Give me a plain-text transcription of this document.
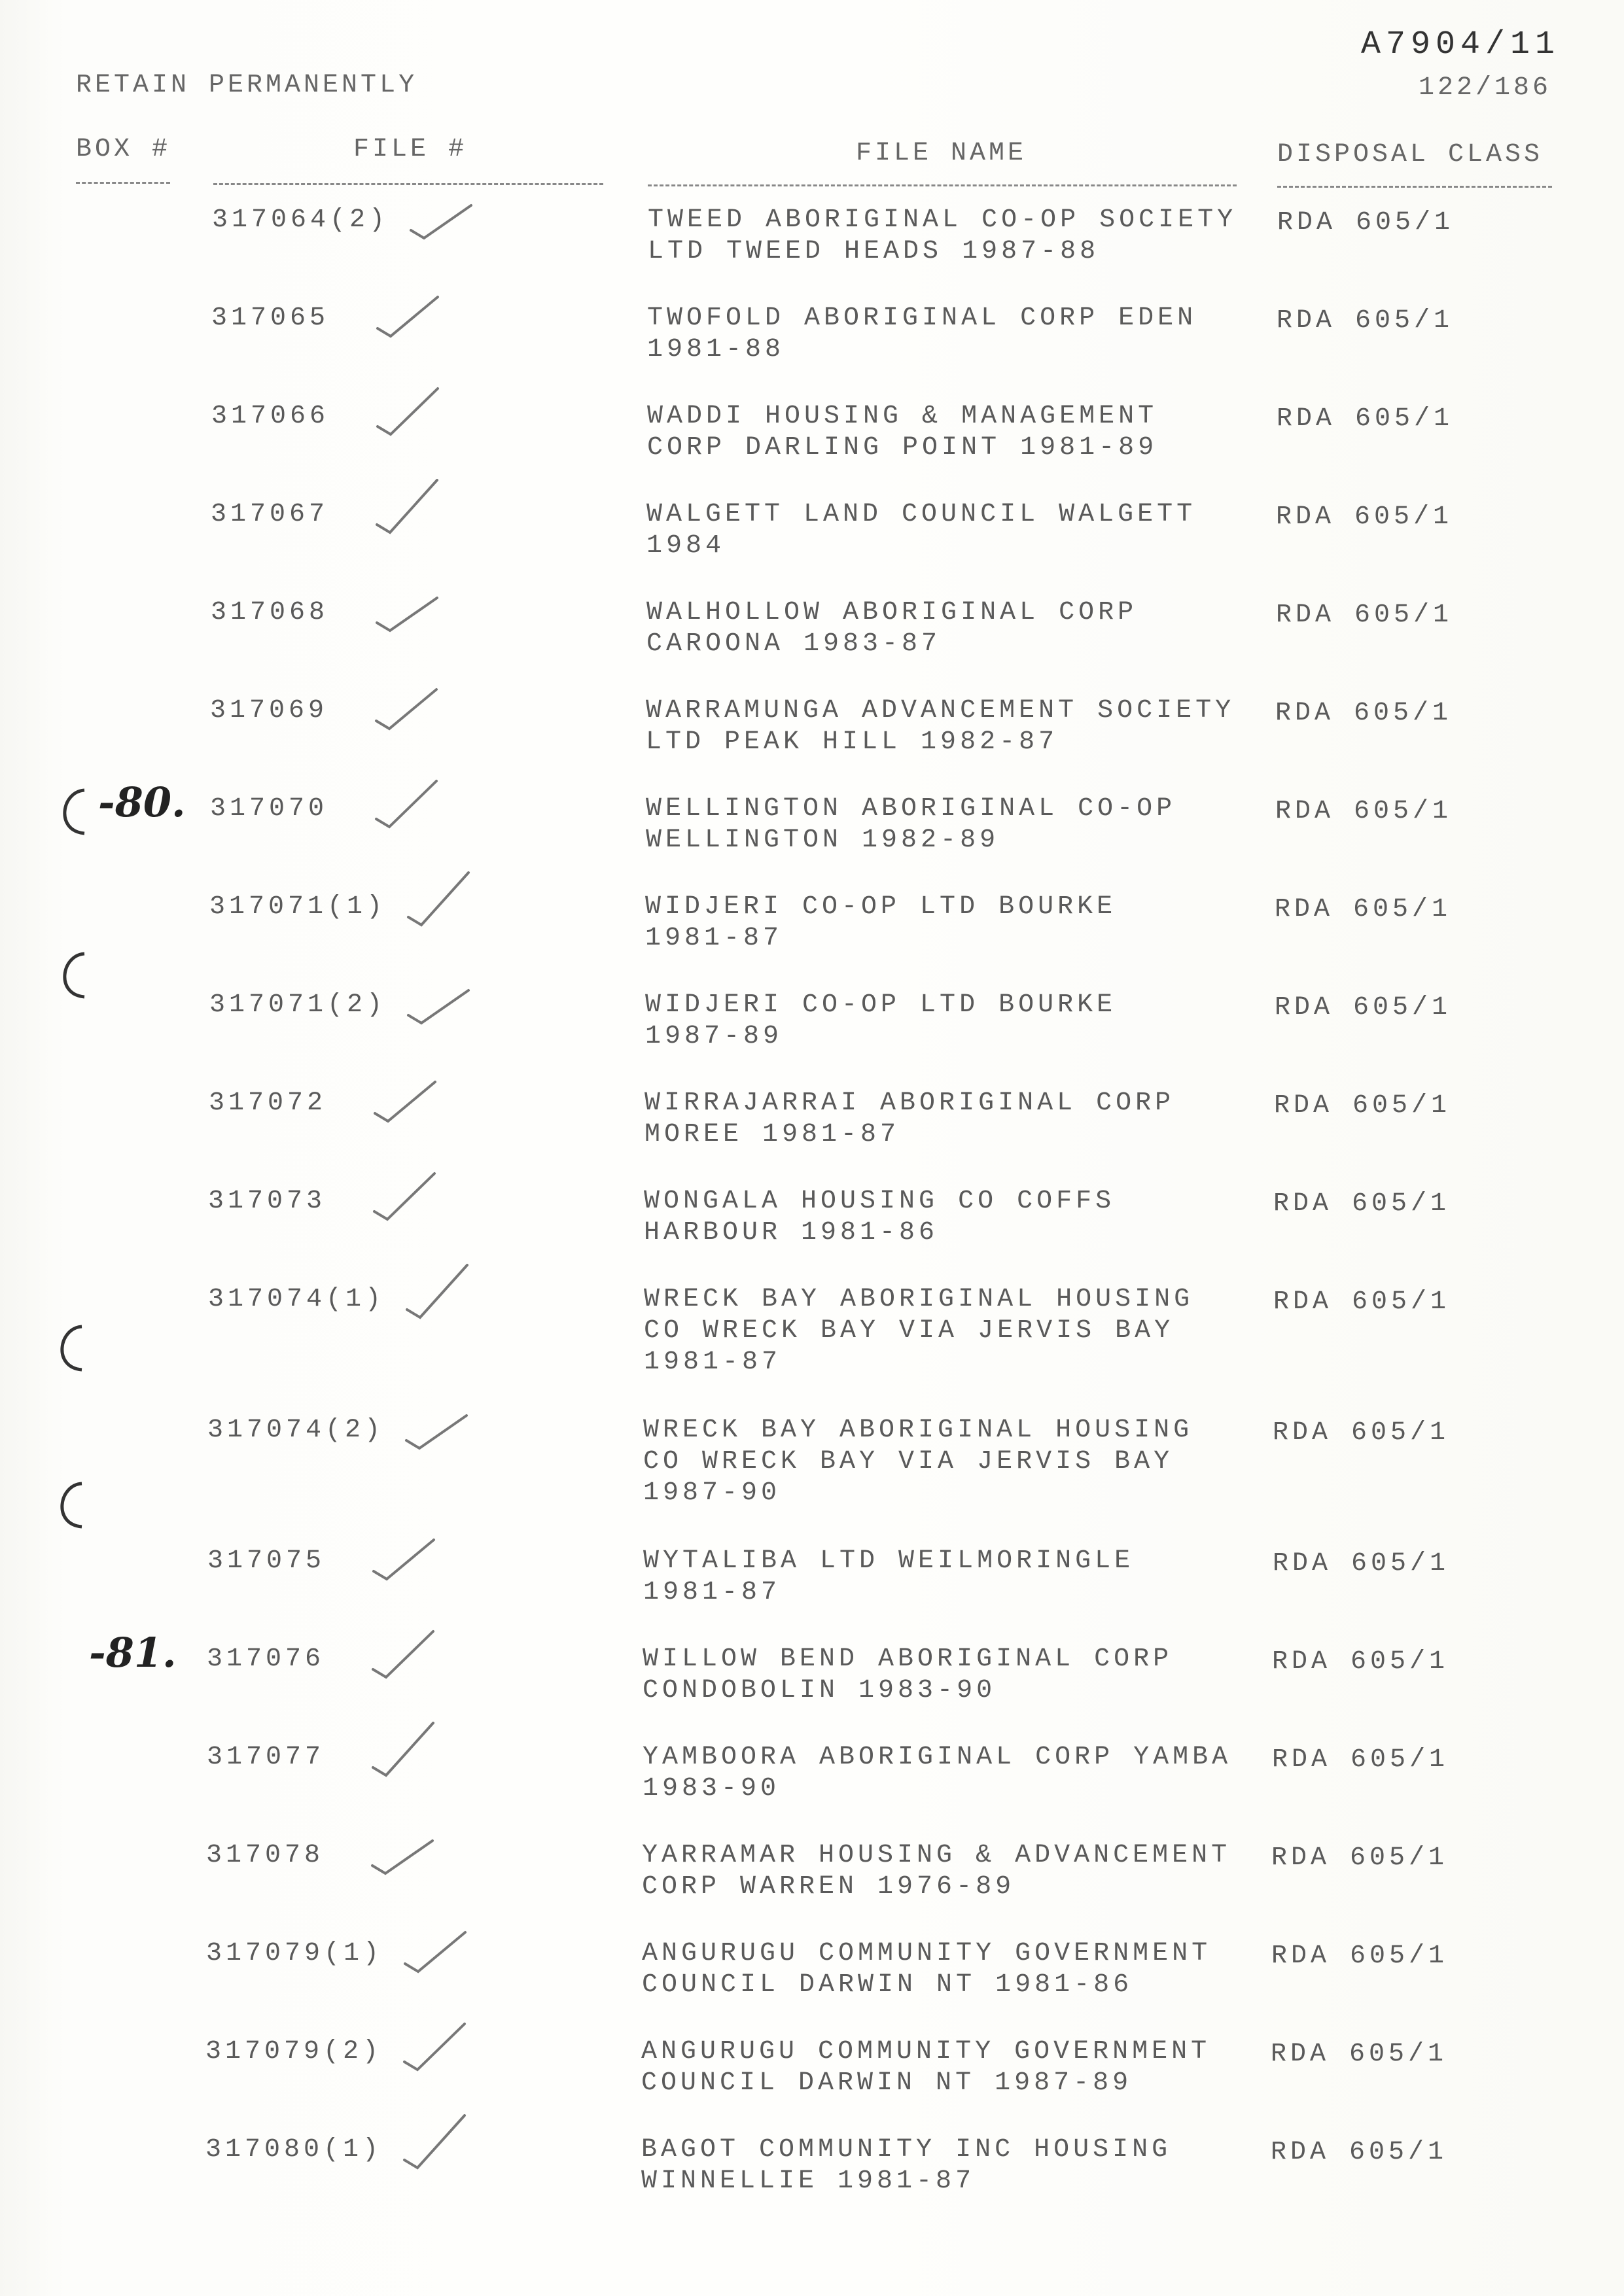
RETAIN PERMANENTLY
A7904/11
122/186
BOX #	FILE #	FILE NAME	DISPOSAL CLASS
317064(2)	TWEED ABORIGINAL CO-OP SOCIETY
LTD TWEED HEADS 1987-88
RDA 605/1
317065	TWOFOLD ABORIGINAL CORP EDEN
1981-88
RDA 605/1
317066	WADDI HOUSING & MANAGEMENT
CORP DARLING POINT 1981-89
RDA 605/1
317067	WALGETT LAND COUNCIL WALGETT
1984
RDA 605/1
317068	WALHOLLOW ABORIGINAL CORP
CAROONA 1983-87
RDA 605/1
317069	WARRAMUNGA ADVANCEMENT SOCIETY
LTD PEAK HILL 1982-87
RDA 605/1
317070	WELLINGTON ABORIGINAL CO-OP
WELLINGTON 1982-89
RDA 605/1
317071(1)	WIDJERI CO-OP LTD BOURKE
1981-87
RDA 605/1
317071(2)	WIDJERI CO-OP LTD BOURKE
1987-89
RDA 605/1
317072	WIRRAJARRAI ABORIGINAL CORP
MOREE 1981-87
RDA 605/1
317073	WONGALA HOUSING CO COFFS
HARBOUR 1981-86
RDA 605/1
317074(1)	WRECK BAY ABORIGINAL HOUSING
CO WRECK BAY VIA JERVIS BAY
1981-87
RDA 605/1
317074(2)	WRECK BAY ABORIGINAL HOUSING
CO WRECK BAY VIA JERVIS BAY
1987-90
RDA 605/1
317075	WYTALIBA LTD WEILMORINGLE
1981-87
RDA 605/1
317076	WILLOW BEND ABORIGINAL CORP
CONDOBOLIN 1983-90
RDA 605/1
317077	YAMBOORA ABORIGINAL CORP YAMBA
1983-90
RDA 605/1
317078	YARRAMAR HOUSING & ADVANCEMENT
CORP WARREN 1976-89
RDA 605/1
317079(1)	ANGURUGU COMMUNITY GOVERNMENT
COUNCIL DARWIN NT 1981-86
RDA 605/1
317079(2)	ANGURUGU COMMUNITY GOVERNMENT
COUNCIL DARWIN NT 1987-89
RDA 605/1
317080(1)	BAGOT COMMUNITY INC HOUSING
WINNELLIE 1981-87
RDA 605/1
-80.
-81.
